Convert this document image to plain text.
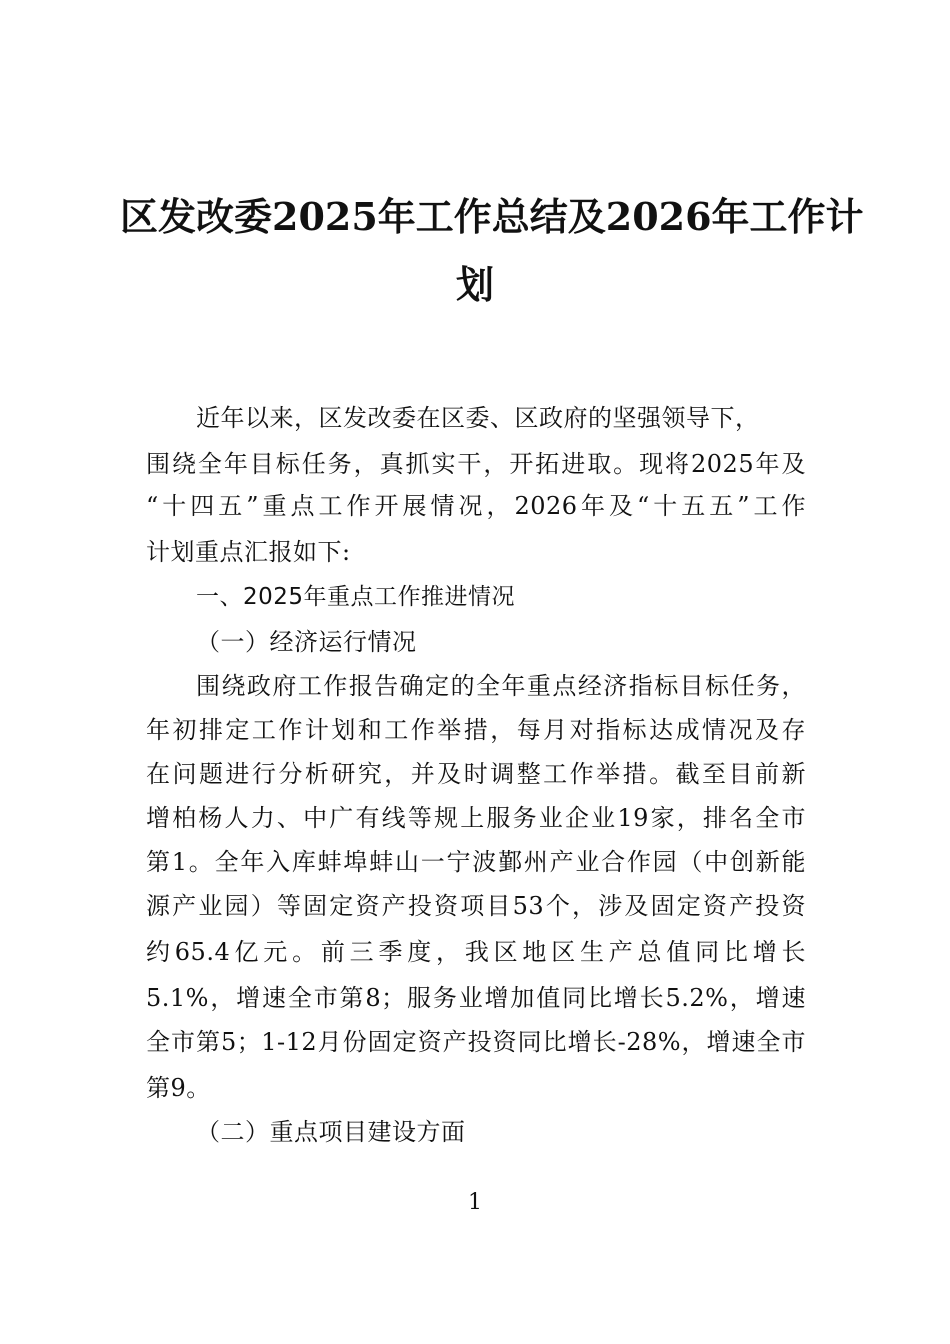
区发改委2025年工作总结及2026年工作计
划
近年以来，区发改委在区委、区政府的坚强领导下，
围绕全年目标任务，真抓实干，开拓进取。现将2025年及
“十四五”重点工作开展情况，2026年及“十五五”工作
计划重点汇报如下:
一、2025年重点工作推进情况
（一）经济运行情况
围绕政府工作报告确定的全年重点经济指标目标任务，
年初排定工作计划和工作举措，每月对指标达成情况及存
在问题进行分析研究，并及时调整工作举措。截至目前新
增柏杨人力、中广有线等规上服务业企业19家，排名全市
第1。全年入库蚌埠蚌山一宁波鄞州产业合作园（中创新能
源产业园）等固定资产投资项目53个，涉及固定资产投资
约65.4亿元。前三季度，我区地区生产总值同比增长
5.1%，增速全市第8；服务业增加值同比增长5.2%，增速
全市第5；1-12月份固定资产投资同比增长-28%，增速全市
第9。
（二）重点项目建设方面
1
